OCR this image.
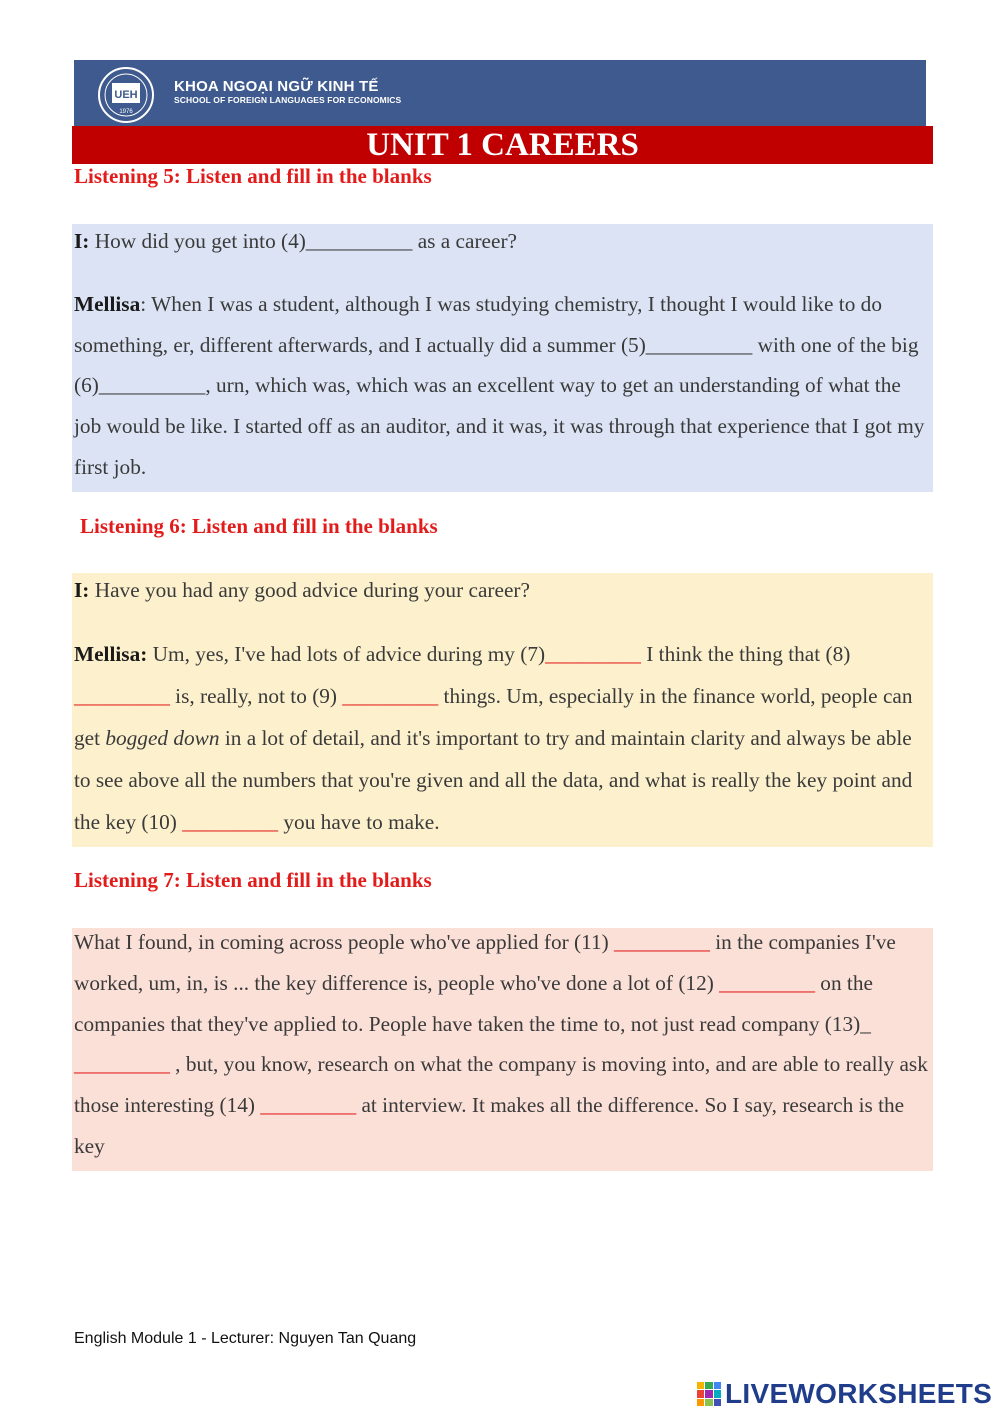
UEH
1976
KHOA NGOẠI NGỮ KINH TẾ
SCHOOL OF FOREIGN LANGUAGES FOR ECONOMICS
UNIT 1 CAREERS
Listening 5: Listen and fill in the blanks

I: How did you get into (4)__________ as a career?

Mellisa: When I was a student, although I was studying chemistry, I thought I would like to do something, er, different afterwards, and I actually did a summer (5)__________ with one of the big (6)__________, urn, which was, which was an excellent way to get an understanding of what the job would be like. I started off as an auditor, and it was, it was through that experience that I got my first job.

Listening 6: Listen and fill in the blanks

I: Have you had any good advice during your career?

Mellisa: Um, yes, I've had lots of advice during my (7)_________ I think the thing that (8) _________ is, really, not to (9) _________ things. Um, especially in the finance world, people can get bogged down in a lot of detail, and it's important to try and maintain clarity and always be able to see above all the numbers that you're given and all the data, and what is really the key point and the key (10) _________ you have to make.

Listening 7: Listen and fill in the blanks

What I found, in coming across people who've applied for (11) _________ in the companies I've worked, um, in, is ... the key difference is, people who've done a lot of (12) _________ on the companies that they've applied to. People have taken the time to, not just read company (13)_ _________ , but, you know, research on what the company is moving into, and are able to really ask those interesting (14) _________ at interview. It makes all the difference. So I say, research is the key

English Module 1 - Lecturer: Nguyen Tan Quang
LIVEWORKSHEETS
